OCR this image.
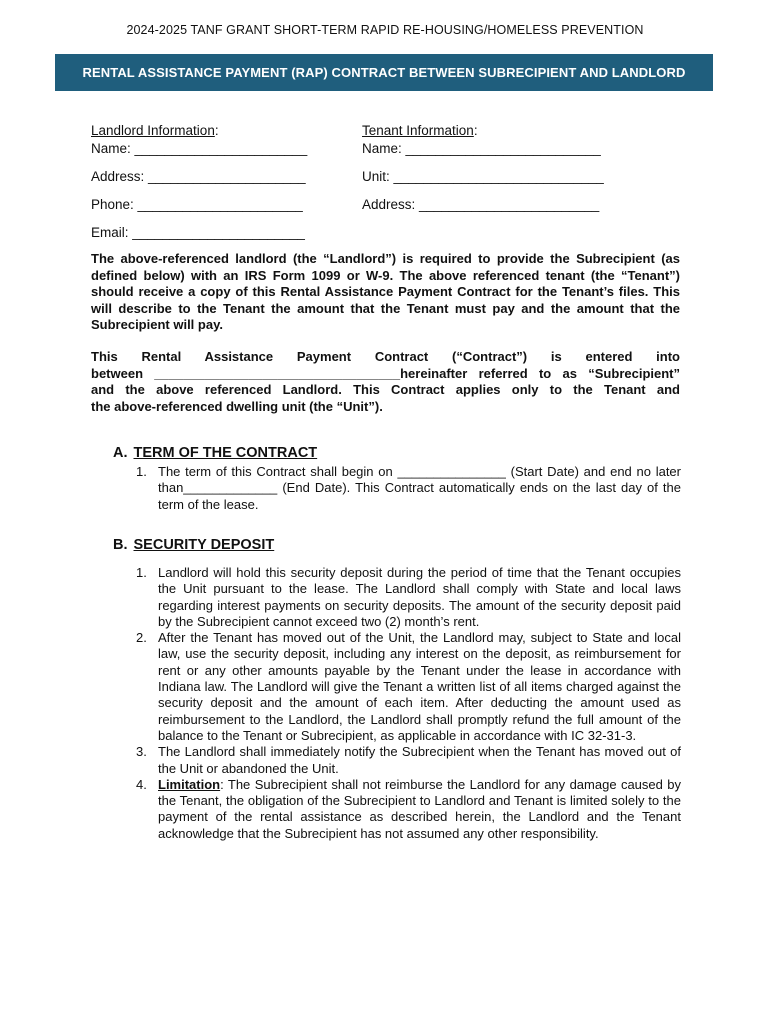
2024-2025 TANF GRANT SHORT-TERM RAPID RE-HOUSING/HOMELESS PREVENTION
RENTAL ASSISTANCE PAYMENT (RAP) CONTRACT BETWEEN SUBRECIPIENT AND LANDLORD
Landlord Information:
Name: _______________________
Address: _____________________
Phone: ______________________
Email: _______________________
Tenant Information:
Name: __________________________
Unit: ____________________________
Address: ________________________
The above-referenced landlord (the “Landlord”) is required to provide the Subrecipient (as defined below) with an IRS Form 1099 or W-9. The above referenced tenant (the “Tenant”) should receive a copy of this Rental Assistance Payment Contract for the Tenant’s files. This will describe to the Tenant the amount that the Tenant must pay and the amount that the Subrecipient will pay.
This Rental Assistance Payment Contract (“Contract”) is entered into
between __________________________________hereinafter referred to as “Subrecipient”
and the above referenced Landlord. This Contract applies only to the Tenant and
the above-referenced dwelling unit (the “Unit”).
A. TERM OF THE CONTRACT
1. The term of this Contract shall begin on _______________ (Start Date) and end no later than_____________ (End Date). This Contract automatically ends on the last day of the term of the lease.
B. SECURITY DEPOSIT
1. Landlord will hold this security deposit during the period of time that the Tenant occupies the Unit pursuant to the lease. The Landlord shall comply with State and local laws regarding interest payments on security deposits. The amount of the security deposit paid by the Subrecipient cannot exceed two (2) month’s rent.
2. After the Tenant has moved out of the Unit, the Landlord may, subject to State and local law, use the security deposit, including any interest on the deposit, as reimbursement for rent or any other amounts payable by the Tenant under the lease in accordance with Indiana law. The Landlord will give the Tenant a written list of all items charged against the security deposit and the amount of each item. After deducting the amount used as reimbursement to the Landlord, the Landlord shall promptly refund the full amount of the balance to the Tenant or Subrecipient, as applicable in accordance with IC 32-31-3.
3. The Landlord shall immediately notify the Subrecipient when the Tenant has moved out of the Unit or abandoned the Unit.
4. Limitation: The Subrecipient shall not reimburse the Landlord for any damage caused by the Tenant, the obligation of the Subrecipient to Landlord and Tenant is limited solely to the payment of the rental assistance as described herein, the Landlord and the Tenant acknowledge that the Subrecipient has not assumed any other responsibility.
